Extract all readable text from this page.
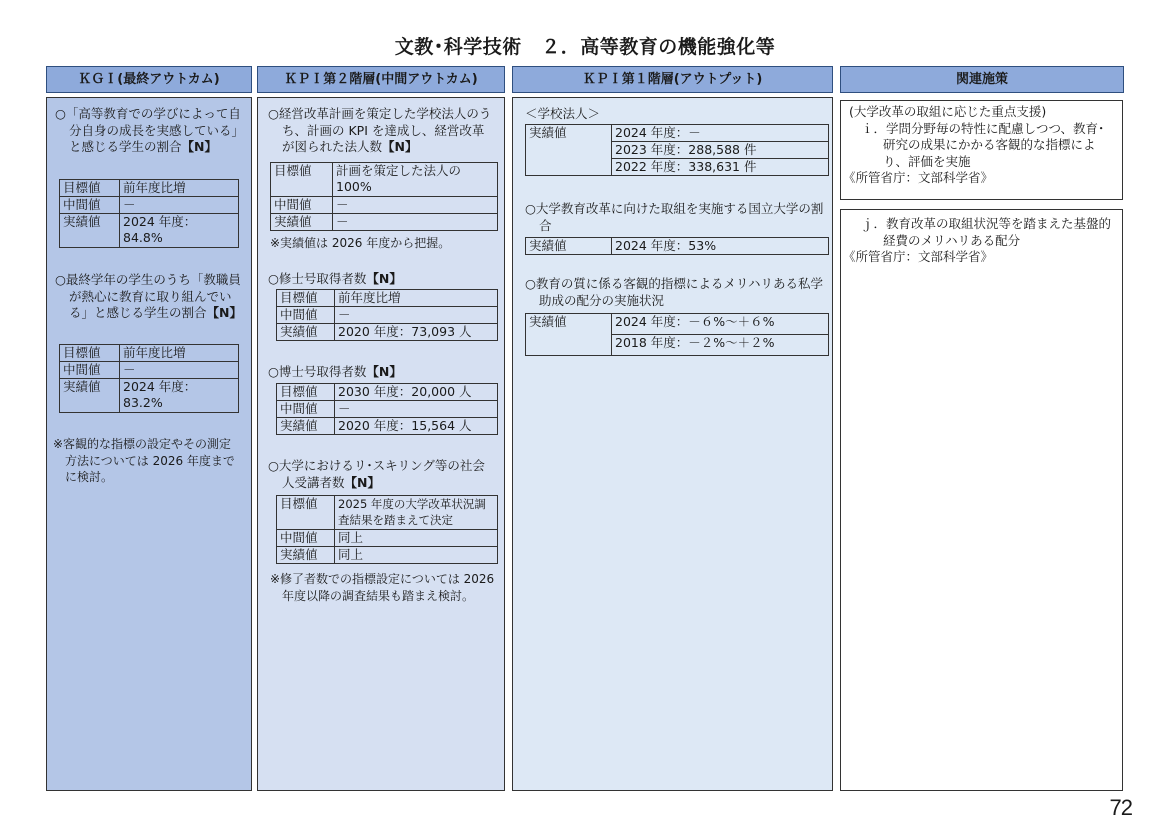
文教･科学技術　２．高等教育の機能強化等
ＫＧＩ(最終アウトカム)	ＫＰＩ第２階層(中間アウトカム)	ＫＰＩ第１階層(アウトプット)	関連施策
○「高等教育での学びによって自分自身の成長を実感している」と感じる学生の割合【N】
目標値	前年度比増
中間値	－
実績値	2024 年度：84.8%
○最終学年の学生のうち「教職員が熱心に教育に取り組んでいる」と感じる学生の割合【N】
目標値	前年度比増
中間値	－
実績値	2024 年度：83.2%
※客観的な指標の設定やその測定方法については 2026 年度までに検討。
○経営改革計画を策定した学校法人のうち、計画の KPI を達成し、経営改革が図られた法人数【N】
目標値	計画を策定した法人の100%
中間値	－
実績値	－
※実績値は 2026 年度から把握。
○修士号取得者数【N】
目標値	前年度比増
中間値	－
実績値	2020 年度：73,093 人
○博士号取得者数【N】
目標値	2030 年度：20,000 人
中間値	－
実績値	2020 年度：15,564 人
○大学におけるリ･スキリング等の社会人受講者数【N】
目標値	2025 年度の大学改革状況調査結果を踏まえて決定
中間値	同上
実績値	同上
※修了者数での指標設定については 2026 年度以降の調査結果も踏まえ検討。
＜学校法人＞
実績値	2024 年度：－
2023 年度：288,588 件
2022 年度：338,631 件
○大学教育改革に向けた取組を実施する国立大学の割合
実績値	2024 年度：53%
○教育の質に係る客観的指標によるメリハリある私学助成の配分の実施状況
実績値	2024 年度：－６%～＋６%
2018 年度：－２%～＋２%
(大学改革の取組に応じた重点支援)
ｉ．学問分野毎の特性に配慮しつつ、教育･研究の成果にかかる客観的な指標により、評価を実施
《所管省庁：文部科学省》
ｊ．教育改革の取組状況等を踏まえた基盤的経費のメリハリある配分
《所管省庁：文部科学省》
72
